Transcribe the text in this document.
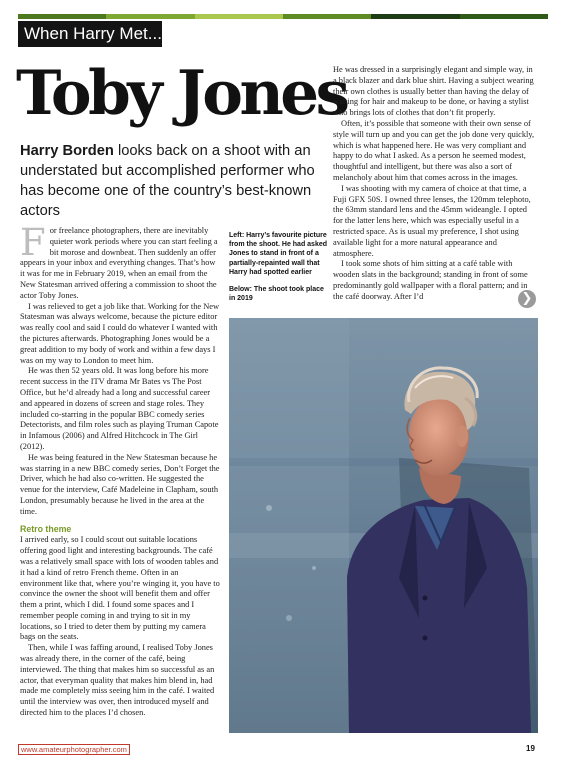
When Harry Met...
Toby Jones

Harry Borden looks back on a shoot with an understated but accomplished performer who has become one of the country’s best-known actors

For freelance photographers, there are inevitably quieter work periods where you can start feeling a bit morose and downbeat. Then suddenly an offer appears in your inbox and everything changes. That’s how it was for me in February 2019, when an email from the New Statesman arrived offering a commission to shoot the actor Toby Jones.

I was relieved to get a job like that. Working for the New Statesman was always welcome, because the picture editor was really cool and said I could do whatever I wanted with the pictures afterwards. Photographing Jones would be a great addition to my body of work and within a few days I was on my way to London to meet him.

He was then 52 years old. It was long before his more recent success in the ITV drama Mr Bates vs The Post Office, but he’d already had a long and successful career and appeared in dozens of screen and stage roles. They included co-starring in the popular BBC comedy series Detectorists, and film roles such as playing Truman Capote in Infamous (2006) and Alfred Hitchcock in The Girl (2012).

He was being featured in the New Statesman because he was starring in a new BBC comedy series, Don’t Forget the Driver, which he had also co-written. He suggested the venue for the interview, Café Madeleine in Clapham, south London, presumably because he lived in the area at the time.

Retro theme

I arrived early, so I could scout out suitable locations offering good light and interesting backgrounds. The café was a relatively small space with lots of wooden tables and it had a kind of retro French theme. Often in an environment like that, where you’re winging it, you have to convince the owner the shoot will benefit them and offer them a print, which I did. I found some spaces and I remember people coming in and trying to sit in my locations, so I tried to deter them by putting my camera bags on the seats.

Then, while I was faffing around, I realised Toby Jones was already there, in the corner of the café, being interviewed. The thing that makes him so successful as an actor, that everyman quality that makes him blend in, had made me completely miss seeing him in the café. I waited until the interview was over, then introduced myself and directed him to the places I’d chosen.

Left: Harry’s favourite picture from the shoot. He had asked Jones to stand in front of a partially-repainted wall that Harry had spotted earlier

Below: The shoot took place in 2019

He was dressed in a surprisingly elegant and simple way, in a black blazer and dark blue shirt. Having a subject wearing their own clothes is usually better than having the delay of waiting for hair and makeup to be done, or having a stylist who brings lots of clothes that don’t fit properly.

Often, it’s possible that someone with their own sense of style will turn up and you can get the job done very quickly, which is what happened here. He was very compliant and happy to do what I asked. As a person he seemed modest, thoughtful and intelligent, but there was also a sort of melancholy about him that comes across in the images.

I was shooting with my camera of choice at that time, a Fuji GFX 50S. I owned three lenses, the 120mm telephoto, the 63mm standard lens and the 45mm wideangle. I opted for the latter lens here, which was especially useful in a restricted space. As is usual my preference, I shot using available light for a more natural appearance and atmosphere.

I took some shots of him sitting at a café table with wooden slats in the background; standing in front of some predominantly gold wallpaper with a floral pattern; and in the café doorway. After I’d	❯
www.amateurphotographer.com	19
